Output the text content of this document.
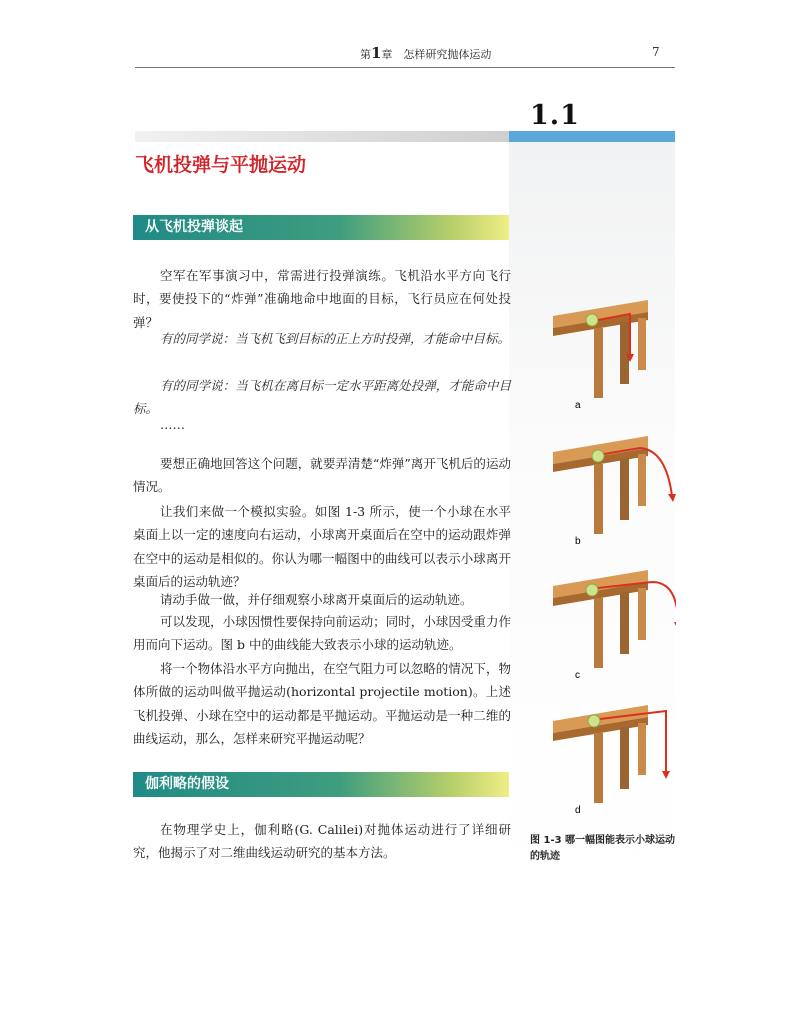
第1章　怎样研究抛体运动	7
1.1
飞机投弹与平抛运动
从飞机投弹谈起

空军在军事演习中，常需进行投弹演练。飞机沿水平方向飞行时，要使投下的“炸弹”准确地命中地面的目标，飞行员应在何处投弹？

有的同学说：当飞机飞到目标的正上方时投弹，才能命中目标。

有的同学说：当飞机在离目标一定水平距离处投弹，才能命中目标。

……

要想正确地回答这个问题，就要弄清楚“炸弹”离开飞机后的运动情况。

让我们来做一个模拟实验。如图 1-3 所示，使一个小球在水平桌面上以一定的速度向右运动，小球离开桌面后在空中的运动跟炸弹在空中的运动是相似的。你认为哪一幅图中的曲线可以表示小球离开桌面后的运动轨迹？

请动手做一做，并仔细观察小球离开桌面后的运动轨迹。

可以发现，小球因惯性要保持向前运动；同时，小球因受重力作用而向下运动。图 b 中的曲线能大致表示小球的运动轨迹。

将一个物体沿水平方向抛出，在空气阻力可以忽略的情况下，物体所做的运动叫做平抛运动(horizontal projectile motion)。上述飞机投弹、小球在空中的运动都是平抛运动。平抛运动是一种二维的曲线运动，那么，怎样来研究平抛运动呢？

伽利略的假设

在物理学史上，伽利略(G. Calilei)对抛体运动进行了详细研究，他揭示了对二维曲线运动研究的基本方法。

a
b
c
d
图 1-3 哪一幅图能表示小球运动的轨迹
